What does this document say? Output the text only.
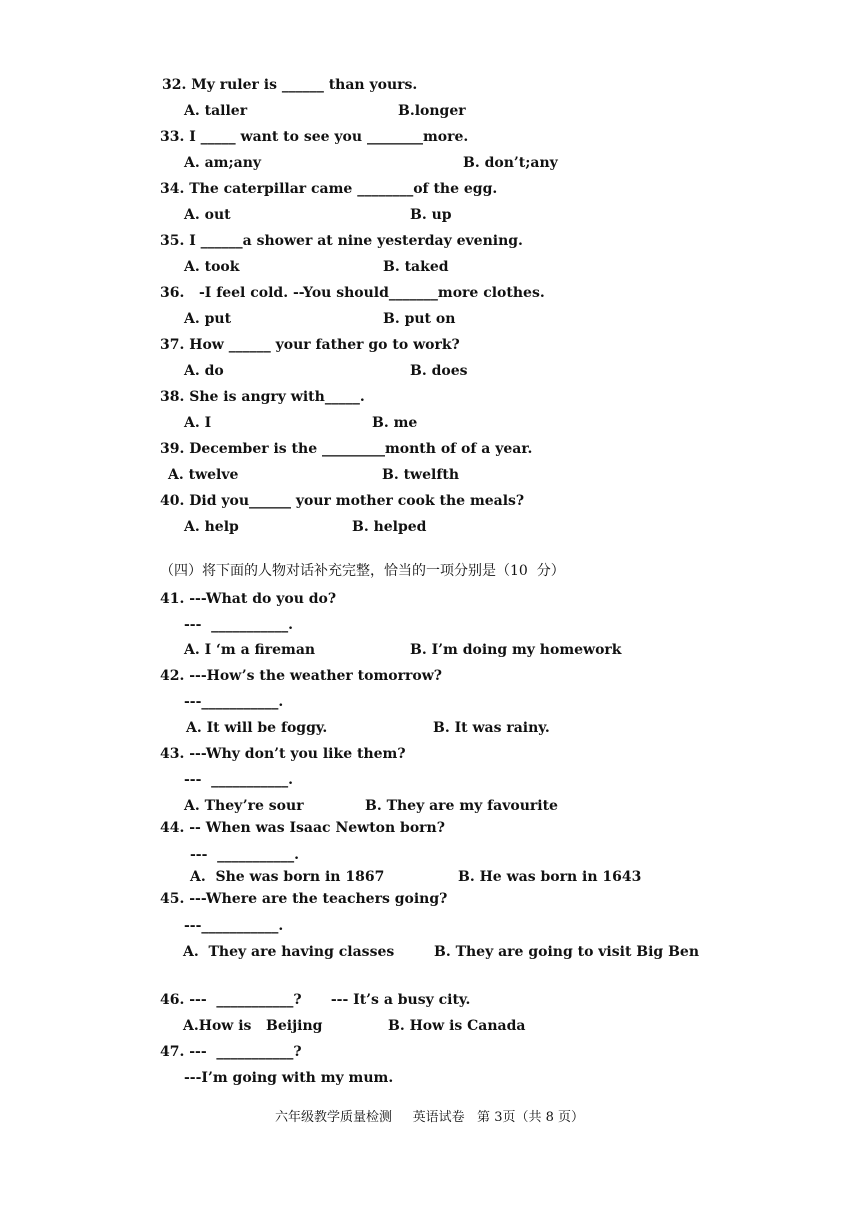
32. My ruler is ______ than yours.
A. taller	B.longer
33. I _____ want to see you ________more.
A. am;any	B. don’t;any
34. The caterpillar came ________of the egg.
A. out	B. up
35. I ______a shower at nine yesterday evening.
A. took	B. taked
36.   -I feel cold. --You should_______more clothes.
A. put	B. put on
37. How ______ your father go to work?
A. do	B. does
38. She is angry with_____.
A. I	B. me
39. December is the _________month of of a year.
A. twelve	B. twelfth
40. Did you______ your mother cook the meals?
A. help	B. helped
（四）将下面的人物对话补充完整，恰当的一项分别是（10  分）
41. ---What do you do?
---  ___________.
A. I ‘m a fireman	B. I’m doing my homework
42. ---How’s the weather tomorrow?
---___________.
A. It will be foggy.	B. It was rainy.
43. ---Why don’t you like them?
---  ___________.
A. They’re sour	B. They are my favourite
44. -- When was Isaac Newton born?
---  ___________.
A.  She was born in 1867	B. He was born in 1643
45. ---Where are the teachers going?
---___________.
A.  They are having classes	B. They are going to visit Big Ben
46. ---  ___________?      --- It’s a busy city.
A.How is   Beijing	B. How is Canada
47. ---  ___________?
---I’m going with my mum.
六年级教学质量检测     英语试卷   第 3页（共 8 页）
